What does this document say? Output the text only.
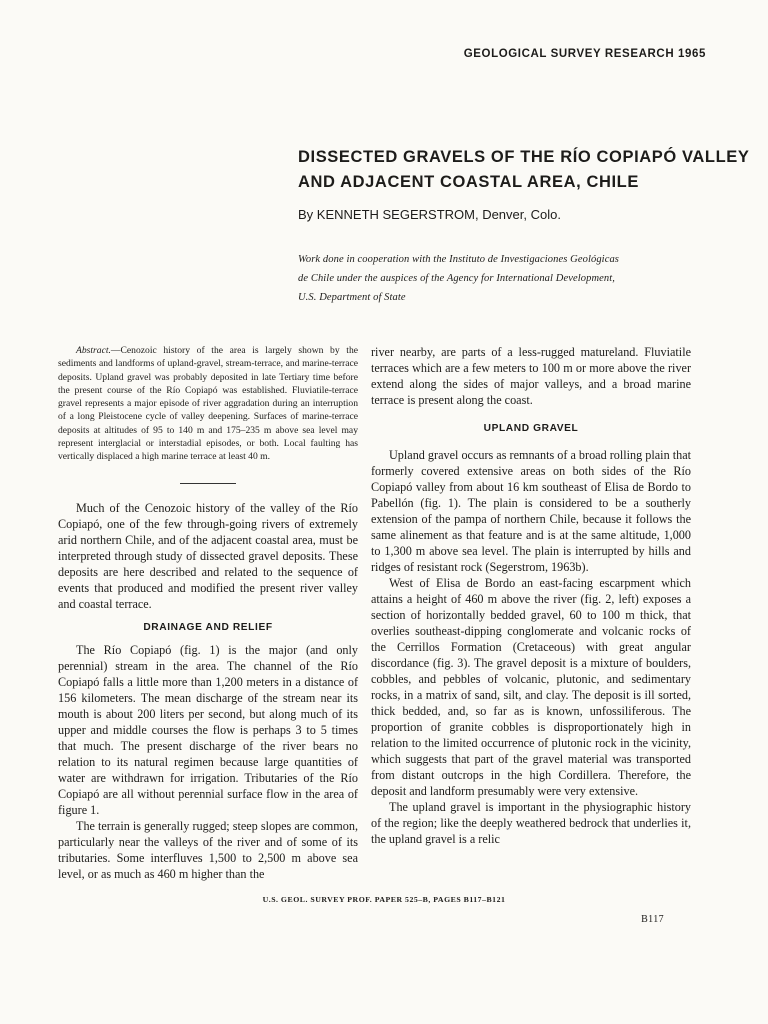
GEOLOGICAL SURVEY RESEARCH 1965
DISSECTED GRAVELS OF THE RÍO COPIAPÓ VALLEY
AND ADJACENT COASTAL AREA, CHILE
By KENNETH SEGERSTROM, Denver, Colo.
Work done in cooperation with the Instituto de Investigaciones Geológicas
de Chile under the auspices of the Agency for International Development,
U.S. Department of State

Abstract.—Cenozoic history of the area is largely shown by the sediments and landforms of upland-gravel, stream-terrace, and marine-terrace deposits. Upland gravel was probably deposited in late Tertiary time before the present course of the Río Copiapó was established. Fluviatile-terrace gravel represents a major episode of river aggradation during an interruption of a long Pleistocene cycle of valley deepening. Surfaces of marine-terrace deposits at altitudes of 95 to 140 m and 175–235 m above sea level may represent interglacial or interstadial episodes, or both. Local faulting has vertically displaced a high marine terrace at least 40 m.

Much of the Cenozoic history of the valley of the Río Copiapó, one of the few through-going rivers of extremely arid northern Chile, and of the adjacent coastal area, must be interpreted through study of dissected gravel deposits. These deposits are here described and related to the sequence of events that produced and modified the present river valley and coastal terrace.

DRAINAGE AND RELIEF

The Río Copiapó (fig. 1) is the major (and only perennial) stream in the area. The channel of the Río Copiapó falls a little more than 1,200 meters in a distance of 156 kilometers. The mean discharge of the stream near its mouth is about 200 liters per second, but along much of its upper and middle courses the flow is perhaps 3 to 5 times that much. The present discharge of the river bears no relation to its natural regimen because large quantities of water are withdrawn for irrigation. Tributaries of the Río Copiapó are all without perennial surface flow in the area of figure 1.

The terrain is generally rugged; steep slopes are common, particularly near the valleys of the river and of some of its tributaries. Some interfluves 1,500 to 2,500 m above sea level, or as much as 460 m higher than the

river nearby, are parts of a less-rugged matureland. Fluviatile terraces which are a few meters to 100 m or more above the river extend along the sides of major valleys, and a broad marine terrace is present along the coast.

UPLAND GRAVEL

Upland gravel occurs as remnants of a broad rolling plain that formerly covered extensive areas on both sides of the Río Copiapó valley from about 16 km southeast of Elisa de Bordo to Pabellón (fig. 1). The plain is considered to be a southerly extension of the pampa of northern Chile, because it follows the same alinement as that feature and is at the same altitude, 1,000 to 1,300 m above sea level. The plain is interrupted by hills and ridges of resistant rock (Segerstrom, 1963b).

West of Elisa de Bordo an east-facing escarpment which attains a height of 460 m above the river (fig. 2, left) exposes a section of horizontally bedded gravel, 60 to 100 m thick, that overlies southeast-dipping conglomerate and volcanic rocks of the Cerrillos Formation (Cretaceous) with great angular discordance (fig. 3). The gravel deposit is a mixture of boulders, cobbles, and pebbles of volcanic, plutonic, and sedimentary rocks, in a matrix of sand, silt, and clay. The deposit is ill sorted, thick bedded, and, so far as is known, unfossiliferous. The proportion of granite cobbles is disproportionately high in relation to the limited occurrence of plutonic rock in the vicinity, which suggests that part of the gravel material was transported from distant outcrops in the high Cordillera. Therefore, the deposit and landform presumably were very extensive.

The upland gravel is important in the physiographic history of the region; like the deeply weathered bedrock that underlies it, the upland gravel is a relic

U.S. GEOL. SURVEY PROF. PAPER 525–B, PAGES B117–B121
B117
